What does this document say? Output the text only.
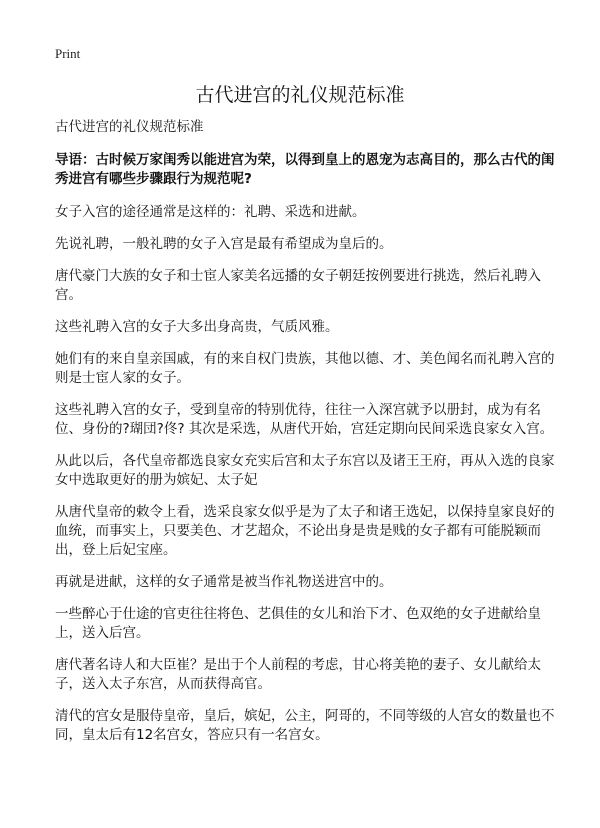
Print
古代进宫的礼仪规范标准

古代进宫的礼仪规范标准

导语：古时候万家闺秀以能进宫为荣，以得到皇上的恩宠为志高目的，那么古代的闺秀进宫有哪些步骤跟行为规范呢?

女子入宫的途径通常是这样的：礼聘、采选和进献。

先说礼聘，一般礼聘的女子入宫是最有希望成为皇后的。

唐代豪门大族的女子和士宦人家美名远播的女子朝廷按例要进行挑选，然后礼聘入宫。

这些礼聘入宫的女子大多出身高贵，气质风雅。

她们有的来自皇亲国戚，有的来自权门贵族，其他以德、才、美色闻名而礼聘入宫的则是士宦人家的女子。

这些礼聘入宫的女子，受到皇帝的特别优待，往往一入深宫就予以册封，成为有名位、身份的?瑚団?佟? 其次是采选，从唐代开始，宫廷定期向民间采选良家女入宫。

从此以后，各代皇帝都选良家女充实后宫和太子东宫以及诸王王府，再从入选的良家女中选取更好的册为嫔妃、太子妃

从唐代皇帝的敕令上看，选采良家女似乎是为了太子和诸王选妃，以保持皇家良好的血统，而事实上，只要美色、才艺超众，不论出身是贵是贱的女子都有可能脱颖而出，登上后妃宝座。

再就是进献，这样的女子通常是被当作礼物送进宫中的。

一些醉心于仕途的官吏往往将色、艺俱佳的女儿和治下才、色双绝的女子进献给皇上，送入后宫。

唐代著名诗人和大臣崔？是出于个人前程的考虑，甘心将美艳的妻子、女儿献给太子，送入太子东宫，从而获得高官。

清代的宫女是服侍皇帝，皇后，嫔妃，公主，阿哥的，不同等级的人宫女的数量也不同，皇太后有12名宫女，答应只有一名宫女。
